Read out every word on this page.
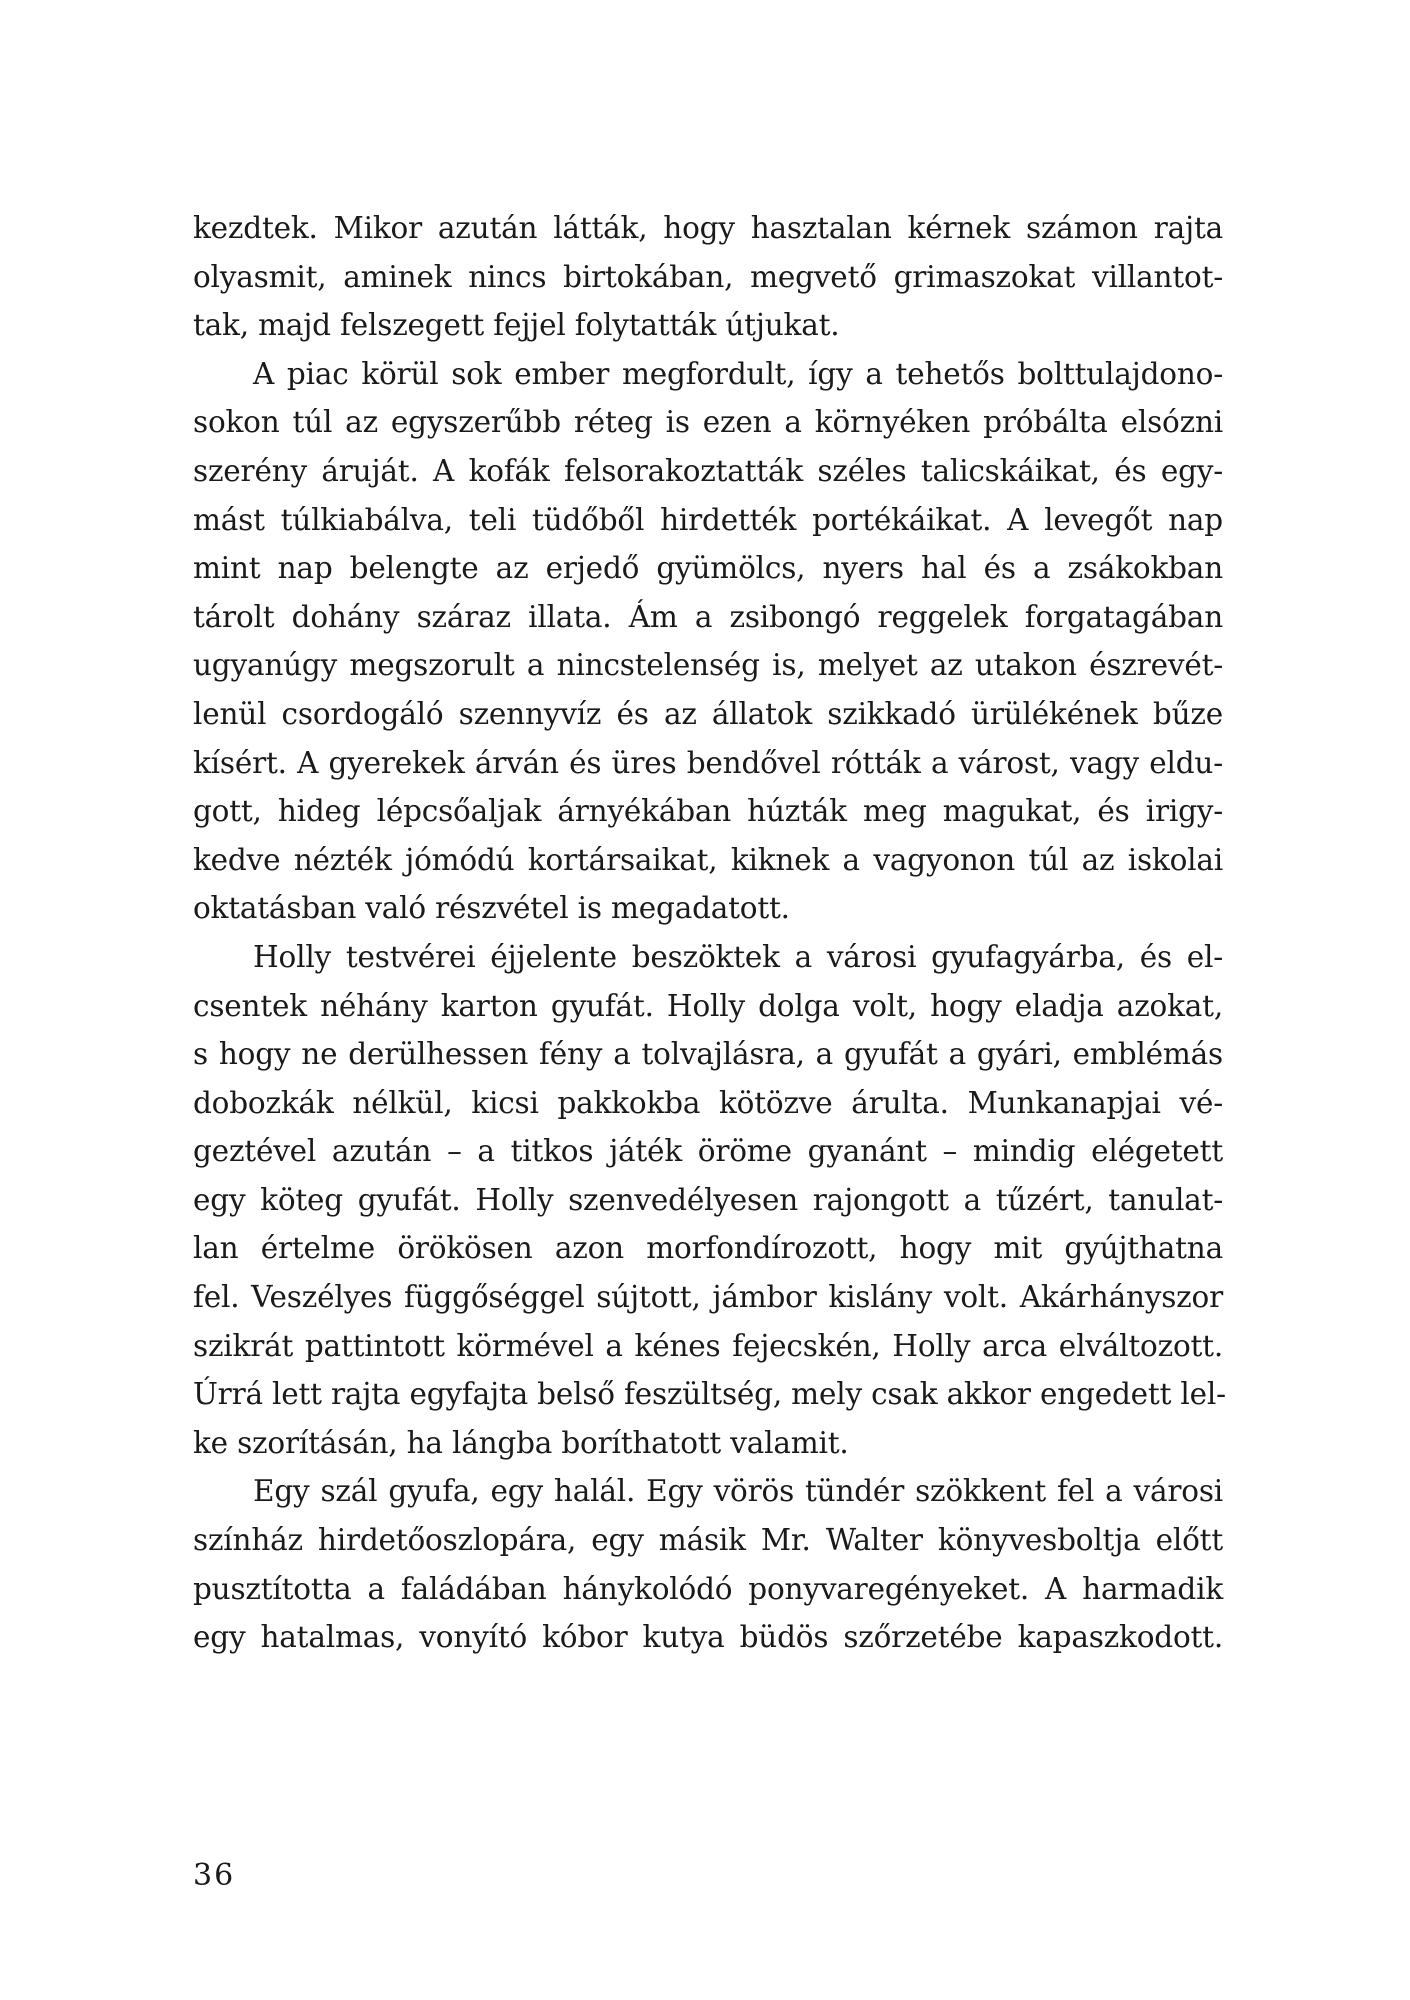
kezdtek. Mikor azután látták, hogy hasztalan kérnek számon rajta
olyasmit, aminek nincs birtokában, megvető grimaszokat villantot-
tak, majd felszegett fejjel folytatták útjukat.
A piac körül sok ember megfordult, így a tehetős bolttulajdono-
sokon túl az egyszerűbb réteg is ezen a környéken próbálta elsózni
szerény áruját. A kofák felsorakoztatták széles talicskáikat, és egy-
mást túlkiabálva, teli tüdőből hirdették portékáikat. A levegőt nap
mint nap belengte az erjedő gyümölcs, nyers hal és a zsákokban
tárolt dohány száraz illata. Ám a zsibongó reggelek forgatagában
ugyanúgy megszorult a nincstelenség is, melyet az utakon észrevét-
lenül csordogáló szennyvíz és az állatok szikkadó ürülékének bűze
kísért. A gyerekek árván és üres bendővel rótták a várost, vagy eldu-
gott, hideg lépcsőaljak árnyékában húzták meg magukat, és irigy-
kedve nézték jómódú kortársaikat, kiknek a vagyonon túl az iskolai
oktatásban való részvétel is megadatott.
Holly testvérei éjjelente beszöktek a városi gyufagyárba, és el-
csentek néhány karton gyufát. Holly dolga volt, hogy eladja azokat,
s hogy ne derülhessen fény a tolvajlásra, a gyufát a gyári, emblémás
dobozkák nélkül, kicsi pakkokba kötözve árulta. Munkanapjai vé-
geztével azután – a titkos játék öröme gyanánt – mindig elégetett
egy köteg gyufát. Holly szenvedélyesen rajongott a tűzért, tanulat-
lan értelme örökösen azon morfondírozott, hogy mit gyújthatna
fel. Veszélyes függőséggel sújtott, jámbor kislány volt. Akárhányszor
szikrát pattintott körmével a kénes fejecskén, Holly arca elváltozott.
Úrrá lett rajta egyfajta belső feszültség, mely csak akkor engedett lel-
ke szorításán, ha lángba boríthatott valamit.
Egy szál gyufa, egy halál. Egy vörös tündér szökkent fel a városi
színház hirdetőoszlopára, egy másik Mr. Walter könyvesboltja előtt
pusztította a faládában hánykolódó ponyvaregényeket. A harmadik
egy hatalmas, vonyító kóbor kutya büdös szőrzetébe kapaszkodott.
36
